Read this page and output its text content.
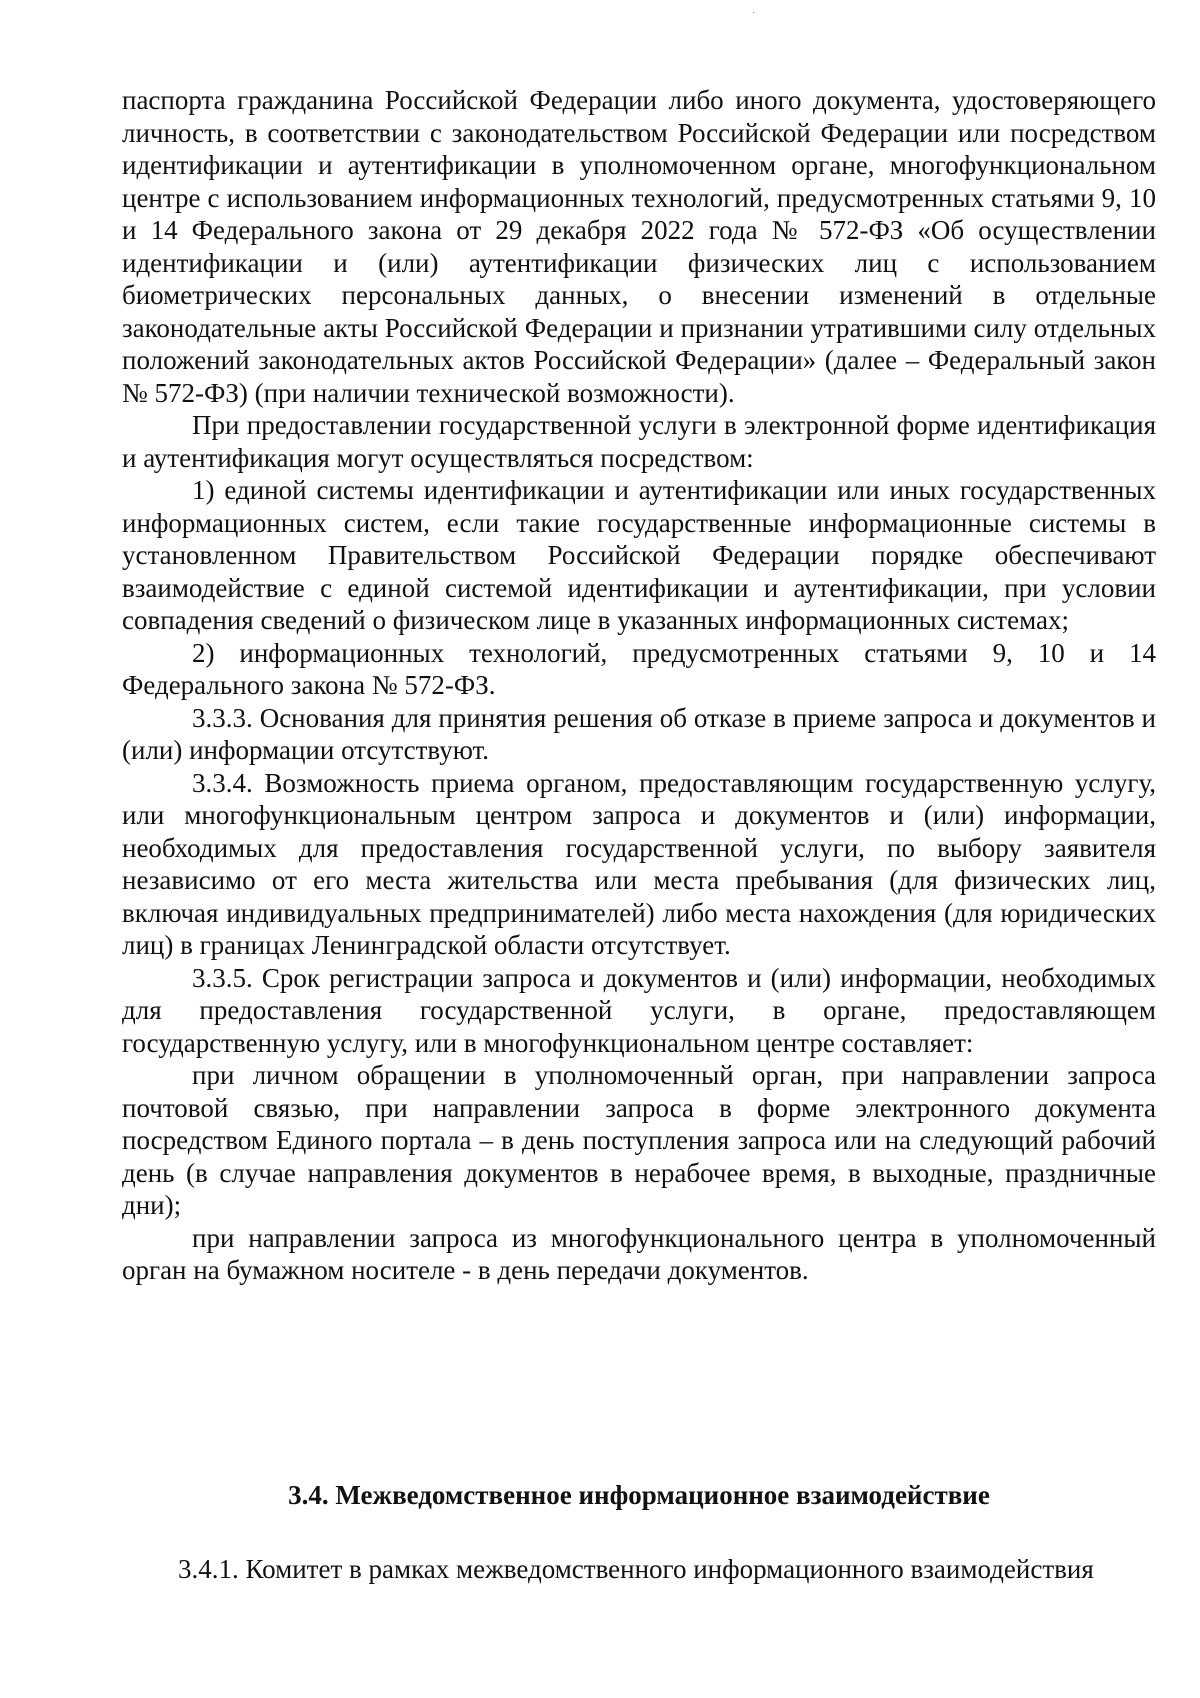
·

паспорта гражданина Российской Федерации либо иного документа, удостоверяющего личность, в соответствии с законодательством Российской Федерации или посредством идентификации и аутентификации в уполномоченном органе, многофункциональном центре с использованием информационных технологий, предусмотренных статьями 9, 10 и 14 Федерального закона от 29 декабря 2022 года № 572-ФЗ «Об осуществлении идентификации и (или) аутентификации физических лиц с использованием биометрических персональных данных, о внесении изменений в отдельные законодательные акты Российской Федерации и признании утратившими силу отдельных положений законодательных актов Российской Федерации» (далее – Федеральный закон № 572-ФЗ) (при наличии технической возможности).

При предоставлении государственной услуги в электронной форме идентификация и аутентификация могут осуществляться посредством:

1) единой системы идентификации и аутентификации или иных государственных информационных систем, если такие государственные информационные системы в установленном Правительством Российской Федерации порядке обеспечивают взаимодействие с единой системой идентификации и аутентификации, при условии совпадения сведений о физическом лице в указанных информационных системах;

2) информационных технологий, предусмотренных статьями 9, 10 и 14 Федерального закона № 572-ФЗ.

3.3.3. Основания для принятия решения об отказе в приеме запроса и документов и (или) информации отсутствуют.

3.3.4. Возможность приема органом, предоставляющим государственную услугу, или многофункциональным центром запроса и документов и (или) информации, необходимых для предоставления государственной услуги, по выбору заявителя независимо от его места жительства или места пребывания (для физических лиц, включая индивидуальных предпринимателей) либо места нахождения (для юридических лиц) в границах Ленинградской области отсутствует.

3.3.5. Срок регистрации запроса и документов и (или) информации, необходимых для предоставления государственной услуги, в органе, предоставляющем государственную услугу, или в многофункциональном центре составляет:

при личном обращении в уполномоченный орган, при направлении запроса почтовой связью, при направлении запроса в форме электронного документа посредством Единого портала – в день поступления запроса или на следующий рабочий день (в случае направления документов в нерабочее время, в выходные, праздничные дни);

при направлении запроса из многофункционального центра в уполномоченный орган на бумажном носителе - в день передачи документов.

3.4. Межведомственное информационное взаимодействие

3.4.1. Комитет в рамках межведомственного информационного взаимодействия
